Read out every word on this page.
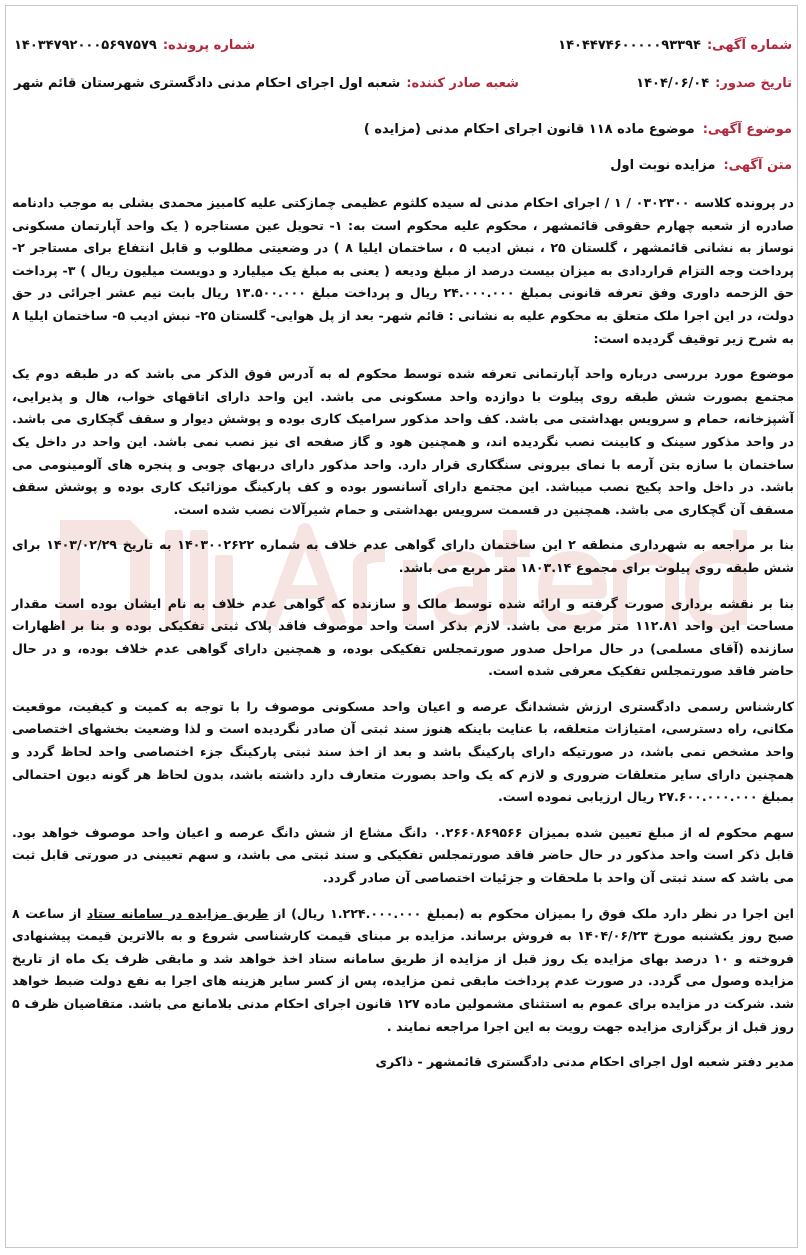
شماره آگهی:
۱۴۰۴۴۷۴۶۰۰۰۰۰۹۳۳۹۴
شماره پرونده:
۱۴۰۳۴۷۹۲۰۰۰۵۶۹۷۵۷۹
تاریخ صدور:
۱۴۰۴/۰۶/۰۴
شعبه صادر کننده:
شعبه اول اجرای احکام مدنی دادگستری شهرستان قائم شهر
موضوع آگهی:
موضوع ماده ۱۱۸ قانون اجرای احکام مدنی (مزایده )
متن آگهی:
مزایده نوبت اول

در پرونده کلاسه ۰۳۰۲۳۰۰ / ۱ / اجرای احکام مدنی له سیده کلثوم عظیمی چمازکتی علیه کامبیز محمدی بشلی به موجب دادنامه صادره از شعبه چهارم حقوقی قائمشهر ، محکوم علیه محکوم است به: ۱- تحویل عین مستاجره ( یک واحد آپارتمان مسکونی نوساز به نشانی قائمشهر ، گلستان ۲۵ ، نبش ادیب ۵ ، ساختمان ایلیا ۸ ) در وضعیتی مطلوب و قابل انتفاع برای مستاجر ۲- پرداخت وجه التزام قراردادی به میزان بیست درصد از مبلغ ودیعه ( یعنی به مبلغ یک میلیارد و دویست میلیون ریال ) ۳- پرداخت حق الزحمه داوری وفق تعرفه قانونی بمبلغ ۲۴.۰۰۰.۰۰۰ ریال و پرداخت مبلغ ۱۳.۵۰۰.۰۰۰ ریال بابت نیم عشر اجرائی در حق دولت، در این اجرا ملک متعلق به محکوم علیه به نشانی : قائم شهر- بعد از پل هوایی- گلستان ۲۵- نبش ادیب ۵- ساختمان ایلیا ۸ به شرح زیر توقیف گردیده است:

موضوع مورد بررسی درباره واحد آپارتمانی تعرفه شده توسط محکوم له به آدرس فوق الذکر می باشد که در طبقه دوم یک مجتمع بصورت شش طبقه روی پیلوت با دوازده واحد مسکونی می باشد. این واحد دارای اتاقهای خواب، هال و پذیرایی، آشپزخانه، حمام و سرویس بهداشتی می باشد. کف واحد مذکور سرامیک کاری بوده و پوشش دیوار و سقف گچکاری می باشد. در واحد مذکور سینک و کابینت نصب نگردیده اند، و همچنین هود و گاز صفحه ای نیز نصب نمی باشد. این واحد در داخل یک ساختمان با سازه بتن آرمه با نمای بیرونی سنگکاری قرار دارد. واحد مذکور دارای دربهای چوبی و پنجره های آلومینومی می باشد. در داخل واحد پکیج نصب میباشد. این مجتمع دارای آسانسور بوده و کف پارکینگ موزائیک کاری بوده و پوشش سقف مسقف آن گچکاری می باشد. همچنین در قسمت سرویس بهداشتی و حمام شیرآلات نصب شده است.

بنا بر مراجعه به شهرداری منطقه ۲ این ساختمان دارای گواهی عدم خلاف به شماره ۱۴۰۳۰۰۲۶۲۲ به تاریخ ۱۴۰۳/۰۲/۲۹ برای شش طبقه روی پیلوت برای مجموع ۱۸۰۳.۱۴ متر مربع می باشد.

بنا بر نقشه برداری صورت گرفته و ارائه شده توسط مالک و سازنده که گواهی عدم خلاف به نام ایشان بوده است مقدار مساحت این واحد ۱۱۲.۸۱ متر مربع می باشد. لازم بذکر است واحد موصوف فاقد پلاک ثبتی تفکیکی بوده و بنا بر اظهارات سازنده (آقای مسلمی) در حال مراحل صدور صورتمجلس تفکیکی بوده، و همچنین دارای گواهی عدم خلاف بوده، و در حال حاضر فاقد صورتمجلس تفکیک معرفی شده است.

کارشناس رسمی دادگستری ارزش ششدانگ عرصه و اعیان واحد مسکونی موصوف را با توجه به کمیت و کیفیت، موقعیت مکانی، راه دسترسی، امتیازات متعلقه، با عنایت باینکه هنوز سند ثبتی آن صادر نگردیده است و لذا وضعیت بخشهای اختصاصی واحد مشخص نمی باشد، در صورتیکه دارای پارکینگ باشد و بعد از اخذ سند ثبتی پارکینگ جزء اختصاصی واحد لحاظ گردد و همچنین دارای سایر متعلقات ضروری و لازم که یک واحد بصورت متعارف دارد داشته باشد، بدون لحاظ هر گونه دیون احتمالی بمبلغ ۲۷.۶۰۰.۰۰۰.۰۰۰ ریال ارزیابی نموده است.

سهم محکوم له از مبلغ تعیین شده بمیزان ۰.۲۶۶۰۸۶۹۵۶۶ دانگ مشاع از شش دانگ عرصه و اعیان واحد موصوف خواهد بود. قابل ذکر است واحد مذکور در حال حاضر فاقد صورتمجلس تفکیکی و سند ثبتی می باشد، و سهم تعیینی در صورتی قابل ثبت می باشد که سند ثبتی آن واحد با ملحقات و جزئیات اختصاصی آن صادر گردد.

این اجرا در نظر دارد ملک فوق را بمیزان محکوم به (بمبلغ ۱.۲۲۴.۰۰۰.۰۰۰ ریال) از طریق مزایده در سامانه ستاد از ساعت ۸ صبح روز یکشنبه مورخ ۱۴۰۴/۰۶/۲۳ به فروش برساند. مزایده بر مبنای قیمت کارشناسی شروع و به بالاترین قیمت پیشنهادی فروخته و ۱۰ درصد بهای مزایده یک روز قبل از مزایده از طریق سامانه ستاد اخذ خواهد شد و مابقی ظرف یک ماه از تاریخ مزایده وصول می گردد. در صورت عدم پرداخت مابقی ثمن مزایده، پس از کسر سایر هزینه های اجرا به نفع دولت ضبط خواهد شد. شرکت در مزایده برای عموم به استثنای مشمولین ماده ۱۲۷ قانون اجرای احکام مدنی بلامانع می باشد. متقاضیان ظرف ۵ روز قبل از برگزاری مزایده جهت رویت به این اجرا مراجعه نمایند .

مدیر دفتر شعبه اول اجرای احکام مدنی دادگستری قائمشهر - ذاکری
